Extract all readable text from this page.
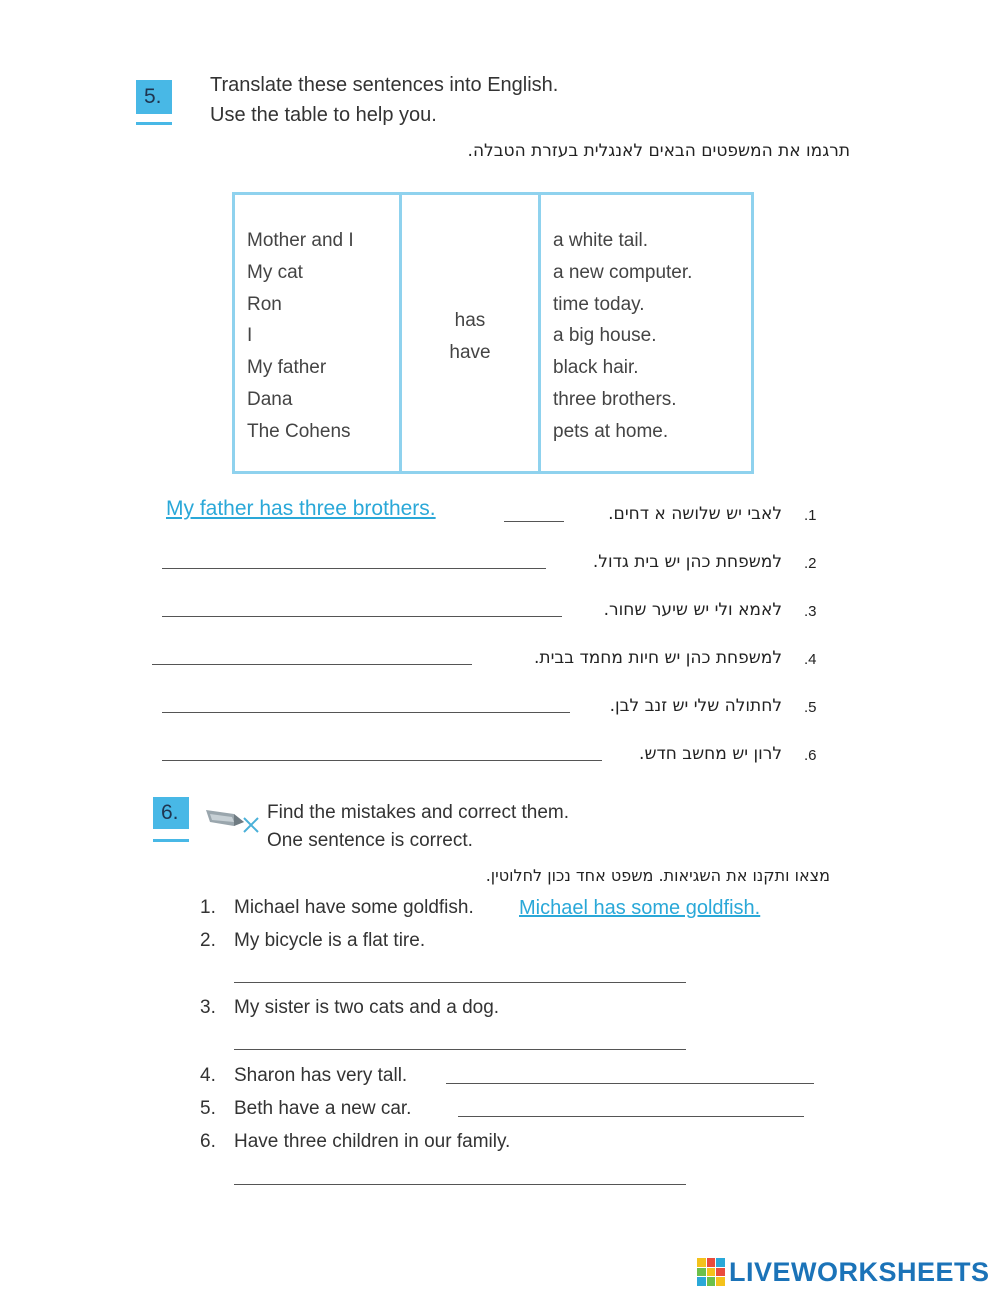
5.	Translate these sentences into English.
Use the table to help you.
תרגמו את המשפטים הבאים לאנגלית בעזרת הטבלה.
Mother and I
My cat
Ron
I
My father
Dana
The Cohens
has
have
a white tail.
a new computer.
time today.
a big house.
black hair.
three brothers.
pets at home.
My father has three brothers.	לאבי יש שלושה א דחים. .1
למשפחת כהן יש בית גדול. .2
לאמא ולי יש שיער שחור. .3
למשפחת כהן יש חיות מחמד בבית. .4
לחתולה שלי יש זנב לבן. .5
לרון יש מחשב חדש. .6
6.	Find the mistakes and correct them.
One sentence is correct.
מצאו ותקנו את השגיאות. משפט אחד נכון לחלוטין.
1. Michael have some goldfish. Michael has some goldfish.
2. My bicycle is a flat tire.
3. My sister is two cats and a dog.
4. Sharon has very tall.
5. Beth have a new car.
6. Have three children in our family.
LIVEWORKSHEETS
